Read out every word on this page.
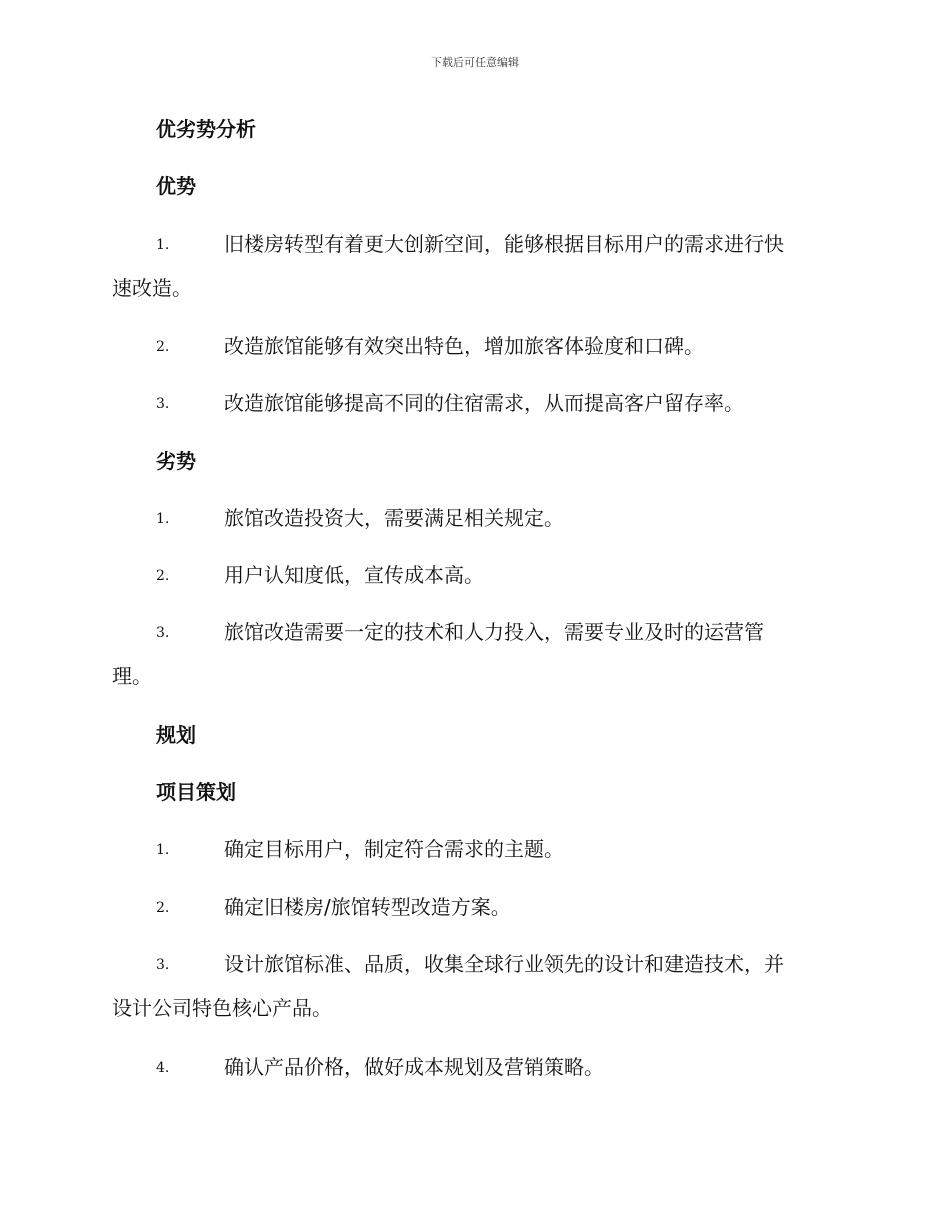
下载后可任意编辑
优劣势分析
优势
1.	旧楼房转型有着更大创新空间，能够根据目标用户的需求进行快
速改造。
2.	改造旅馆能够有效突出特色，增加旅客体验度和口碑。
3.	改造旅馆能够提高不同的住宿需求，从而提高客户留存率。
劣势
1.	旅馆改造投资大，需要满足相关规定。
2.	用户认知度低，宣传成本高。
3.	旅馆改造需要一定的技术和人力投入，需要专业及时的运营管
理。
规划
项目策划
1.	确定目标用户，制定符合需求的主题。
2.	确定旧楼房/旅馆转型改造方案。
3.	设计旅馆标准、品质，收集全球行业领先的设计和建造技术，并
设计公司特色核心产品。
4.	确认产品价格，做好成本规划及营销策略。
